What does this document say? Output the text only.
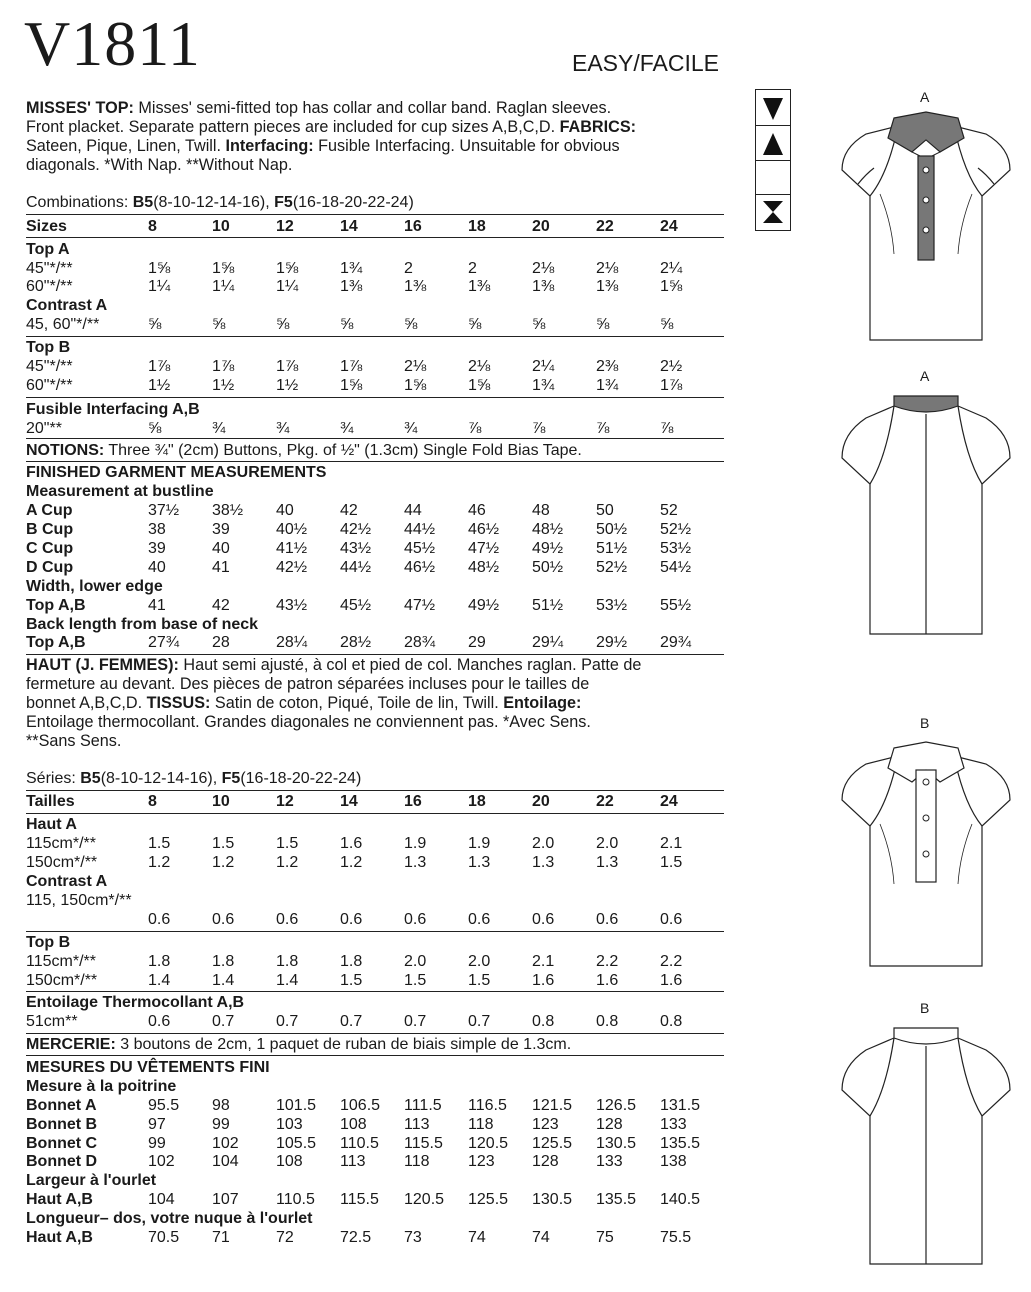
V1811	EASY/FACILE
MISSES' TOP: Misses' semi-fitted top has collar and collar band. Raglan sleeves.
Front placket. Separate pattern pieces are included for cup sizes A,B,C,D. FABRICS:
Sateen, Pique, Linen, Twill. Interfacing: Fusible Interfacing. Unsuitable for obvious
diagonals. *With Nap. **Without Nap.
Combinations: B5(8-10-12-14-16), F5(16-18-20-22-24)
Sizes	8	10	12	14	16	18	20	22	24
Top A
45"*/**	1⅝	1⅝	1⅝	1¾	2	2	2⅛	2⅛	2¼
60"*/**	1¼	1¼	1¼	1⅜	1⅜	1⅜	1⅜	1⅜	1⅝
Contrast A
45, 60"*/**	⅝	⅝	⅝	⅝	⅝	⅝	⅝	⅝	⅝
Top B
45"*/**	1⅞	1⅞	1⅞	1⅞	2⅛	2⅛	2¼	2⅜	2½
60"*/**	1½	1½	1½	1⅝	1⅝	1⅝	1¾	1¾	1⅞
Fusible Interfacing A,B
20"**	⅝	¾	¾	¾	¾	⅞	⅞	⅞	⅞
NOTIONS: Three ¾" (2cm) Buttons, Pkg. of ½" (1.3cm) Single Fold Bias Tape.
FINISHED GARMENT MEASUREMENTS
Measurement at bustline
A Cup	37½ 38½ 40	42	44	46	48	50	52
B Cup	38	39	40½ 42½ 44½ 46½ 48½ 50½ 52½
C Cup	39	40	41½ 43½ 45½ 47½ 49½ 51½ 53½
D Cup	40	41	42½ 44½ 46½ 48½ 50½ 52½ 54½
Width, lower edge
Top A,B	41	42	43½ 45½ 47½ 49½ 51½ 53½ 55½
Back length from base of neck
Top A,B	27¾ 28	28¼ 28½ 28¾ 29	29¼ 29½ 29¾
HAUT (J. FEMMES): Haut semi ajusté, à col et pied de col. Manches raglan. Patte de
fermeture au devant. Des pièces de patron séparées incluses pour le tailles de
bonnet A,B,C,D. TISSUS: Satin de coton, Piqué, Toile de lin, Twill. Entoilage:
Entoilage thermocollant. Grandes diagonales ne conviennent pas. *Avec Sens.
**Sans Sens.
Séries: B5(8-10-12-14-16), F5(16-18-20-22-24)
Tailles	8	10	12	14	16	18	20	22	24
Haut A
115cm*/**	1.5	1.5	1.5	1.6	1.9	1.9	2.0	2.0	2.1
150cm*/**	1.2	1.2	1.2	1.2	1.3	1.3	1.3	1.3	1.5
Contrast A
115, 150cm*/**
0.6	0.6	0.6	0.6	0.6	0.6	0.6	0.6	0.6
Top B
115cm*/**	1.8	1.8	1.8	1.8	2.0	2.0	2.1	2.2	2.2
150cm*/**	1.4	1.4	1.4	1.5	1.5	1.5	1.6	1.6	1.6
Entoilage Thermocollant A,B
51cm**	0.6	0.7	0.7	0.7	0.7	0.7	0.8	0.8	0.8
MERCERIE: 3 boutons de 2cm, 1 paquet de ruban de biais simple de 1.3cm.
MESURES DU VÊTEMENTS FINI
Mesure à la poitrine
Bonnet A	95.5 98	101.5 106.5 111.5 116.5 121.5 126.5 131.5
Bonnet B	97	99	103 108 113 118 123 128 133
Bonnet C	99	102 105.5 110.5 115.5 120.5 125.5 130.5 135.5
Bonnet D	102 104 108 113 118 123 128 133 138
Largeur à l'ourlet
Haut A,B	104 107 110.5 115.5 120.5 125.5 130.5 135.5 140.5
Longueur– dos, votre nuque à l'ourlet
Haut A,B	70.5 71	72	72.5 73	74	74	75	75.5
A
A
B
B
